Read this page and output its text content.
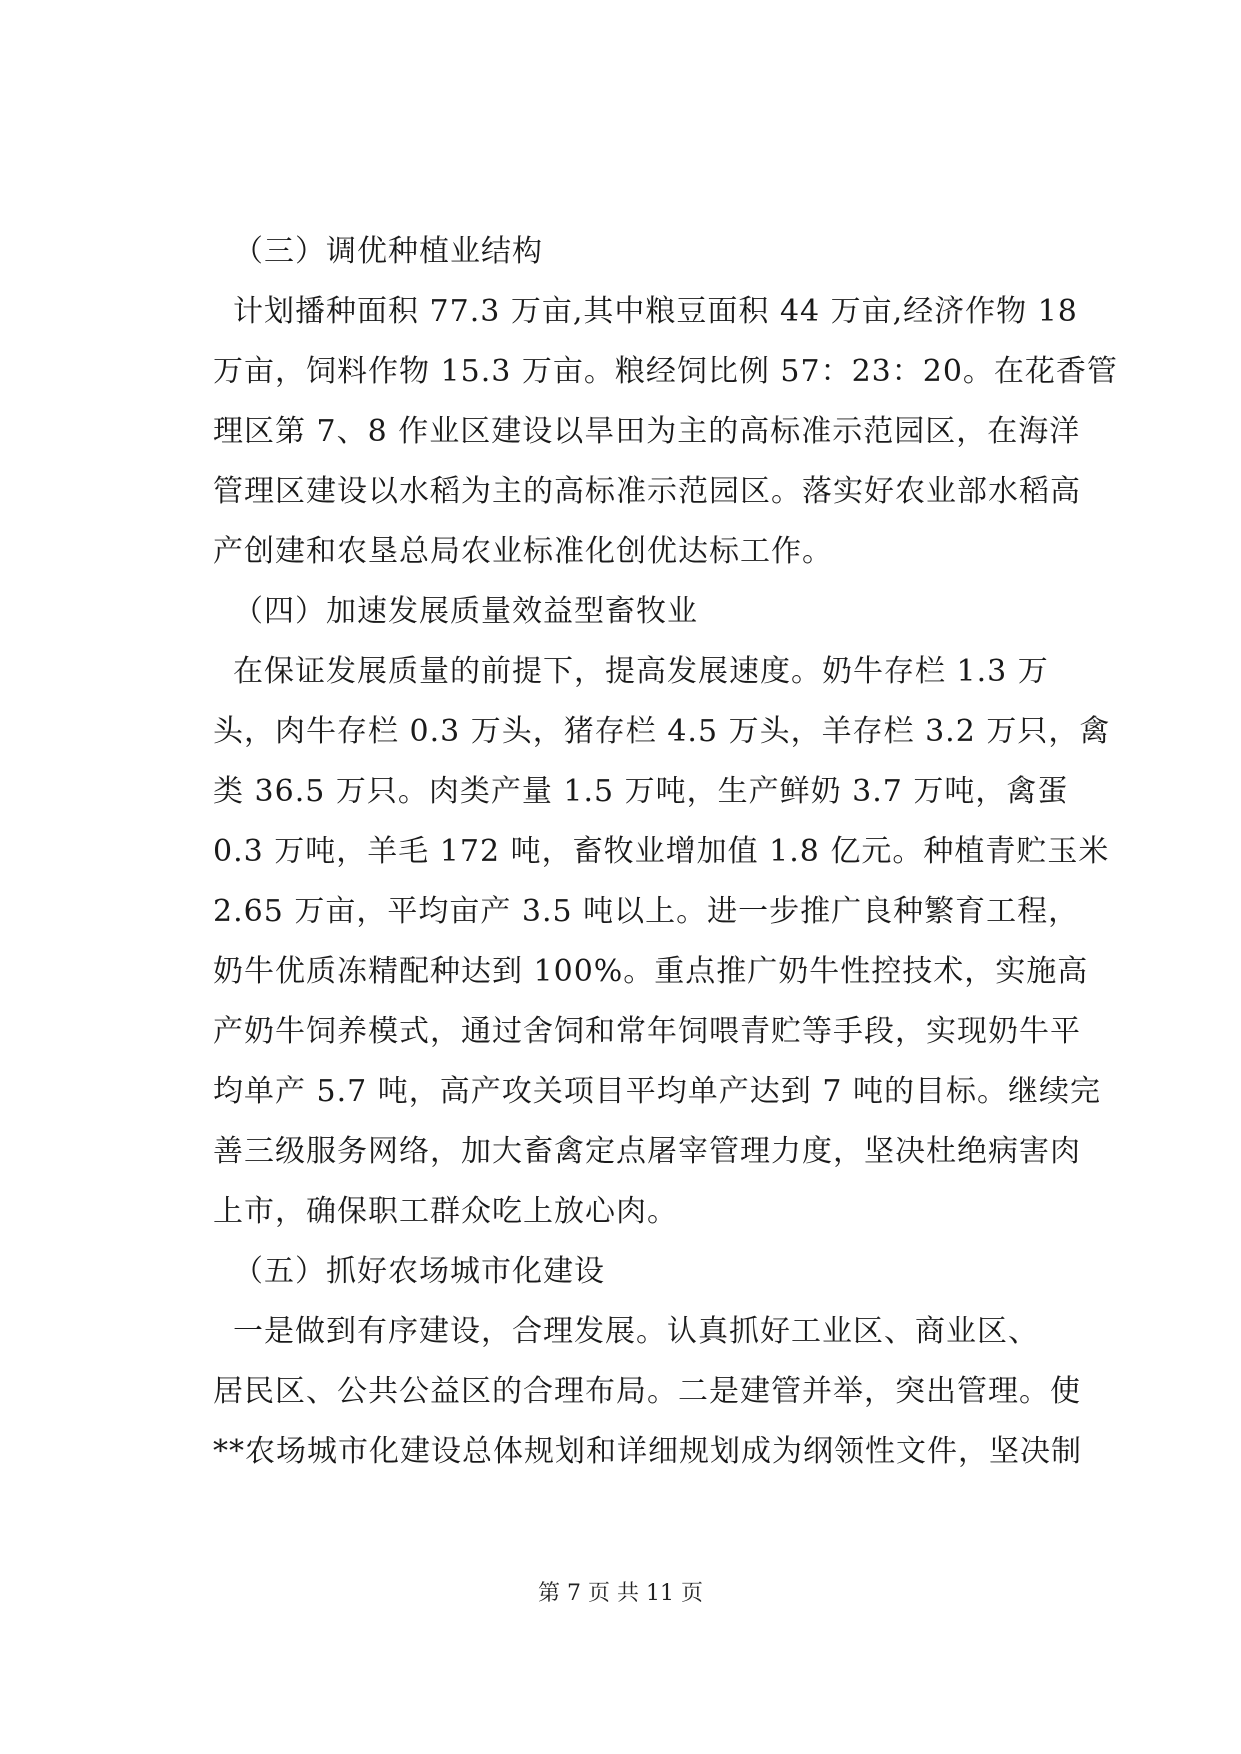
（三）调优种植业结构
计划播种面积 77.3 万亩,其中粮豆面积 44 万亩,经济作物 18
万亩，饲料作物 15.3 万亩。粮经饲比例 57：23：20。在花香管
理区第 7、8 作业区建设以旱田为主的高标准示范园区，在海洋
管理区建设以水稻为主的高标准示范园区。落实好农业部水稻高
产创建和农垦总局农业标准化创优达标工作。
（四）加速发展质量效益型畜牧业
在保证发展质量的前提下，提高发展速度。奶牛存栏 1.3 万
头，肉牛存栏 0.3 万头，猪存栏 4.5 万头，羊存栏 3.2 万只，禽
类 36.5 万只。肉类产量 1.5 万吨，生产鲜奶 3.7 万吨，禽蛋
0.3 万吨，羊毛 172 吨，畜牧业增加值 1.8 亿元。种植青贮玉米
2.65 万亩，平均亩产 3.5 吨以上。进一步推广良种繁育工程，
奶牛优质冻精配种达到 100%。重点推广奶牛性控技术，实施高
产奶牛饲养模式，通过舍饲和常年饲喂青贮等手段，实现奶牛平
均单产 5.7 吨，高产攻关项目平均单产达到 7 吨的目标。继续完
善三级服务网络，加大畜禽定点屠宰管理力度，坚决杜绝病害肉
上市，确保职工群众吃上放心肉。
（五）抓好农场城市化建设
一是做到有序建设，合理发展。认真抓好工业区、商业区、
居民区、公共公益区的合理布局。二是建管并举，突出管理。使
**农场城市化建设总体规划和详细规划成为纲领性文件，坚决制
第 7 页 共 11 页
